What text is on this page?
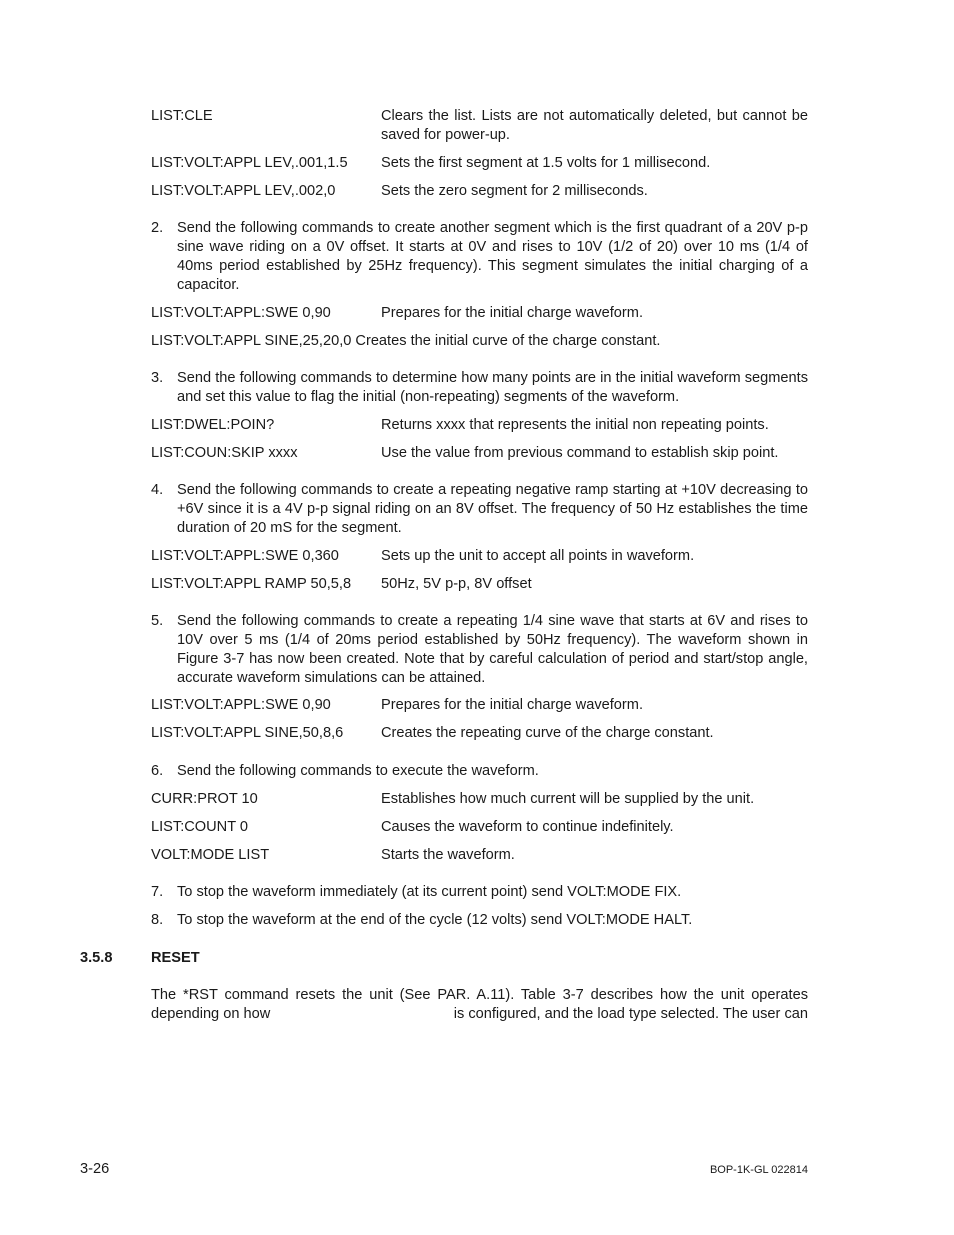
LIST:CLE	Clears the list. Lists are not automatically deleted, but cannot be saved for power-up.
LIST:VOLT:APPL LEV,.001,1.5 Sets the first segment at 1.5 volts for 1 millisecond.
LIST:VOLT:APPL LEV,.002,0	Sets the zero segment for 2 milliseconds.
2. Send the following commands to create another segment which is the first quadrant of a 20V p-p sine wave riding on a 0V offset. It starts at 0V and rises to 10V (1/2 of 20) over 10 ms (1/4 of 40ms period established by 25Hz frequency). This segment simulates the initial charging of a capacitor.
LIST:VOLT:APPL:SWE 0,90	Prepares for the initial charge waveform.
LIST:VOLT:APPL SINE,25,20,0 Creates the initial curve of the charge constant.
3. Send the following commands to determine how many points are in the initial waveform segments and set this value to flag the initial (non-repeating) segments of the waveform.
LIST:DWEL:POIN?	Returns xxxx that represents the initial non repeating points.
LIST:COUN:SKIP xxxx	Use the value from previous command to establish skip point.
4. Send the following commands to create a repeating negative ramp starting at +10V decreasing to +6V since it is a 4V p-p signal riding on an 8V offset. The frequency of 50 Hz establishes the time duration of 20 mS for the segment.
LIST:VOLT:APPL:SWE 0,360	Sets up the unit to accept all points in waveform.
LIST:VOLT:APPL RAMP 50,5,8 50Hz, 5V p-p, 8V offset
5. Send the following commands to create a repeating 1/4 sine wave that starts at 6V and rises to 10V over 5 ms (1/4 of 20ms period established by 50Hz frequency). The waveform shown in Figure 3-7 has now been created. Note that by careful calculation of period and start/stop angle, accurate waveform simulations can be attained.
LIST:VOLT:APPL:SWE 0,90	Prepares for the initial charge waveform.
LIST:VOLT:APPL SINE,50,8,6	Creates the repeating curve of the charge constant.
6. Send the following commands to execute the waveform.
CURR:PROT 10	Establishes how much current will be supplied by the unit.
LIST:COUNT 0	Causes the waveform to continue indefinitely.
VOLT:MODE LIST	Starts the waveform.
7. To stop the waveform immediately (at its current point) send VOLT:MODE FIX.
8. To stop the waveform at the end of the cycle (12 volts) send VOLT:MODE HALT.
3.5.8	RESET
The *RST command resets the unit (See PAR. A.11). Table 3-7 describes how the unit operates
depending on how	is configured, and the load type selected. The user can
3-26	BOP-1K-GL 022814
